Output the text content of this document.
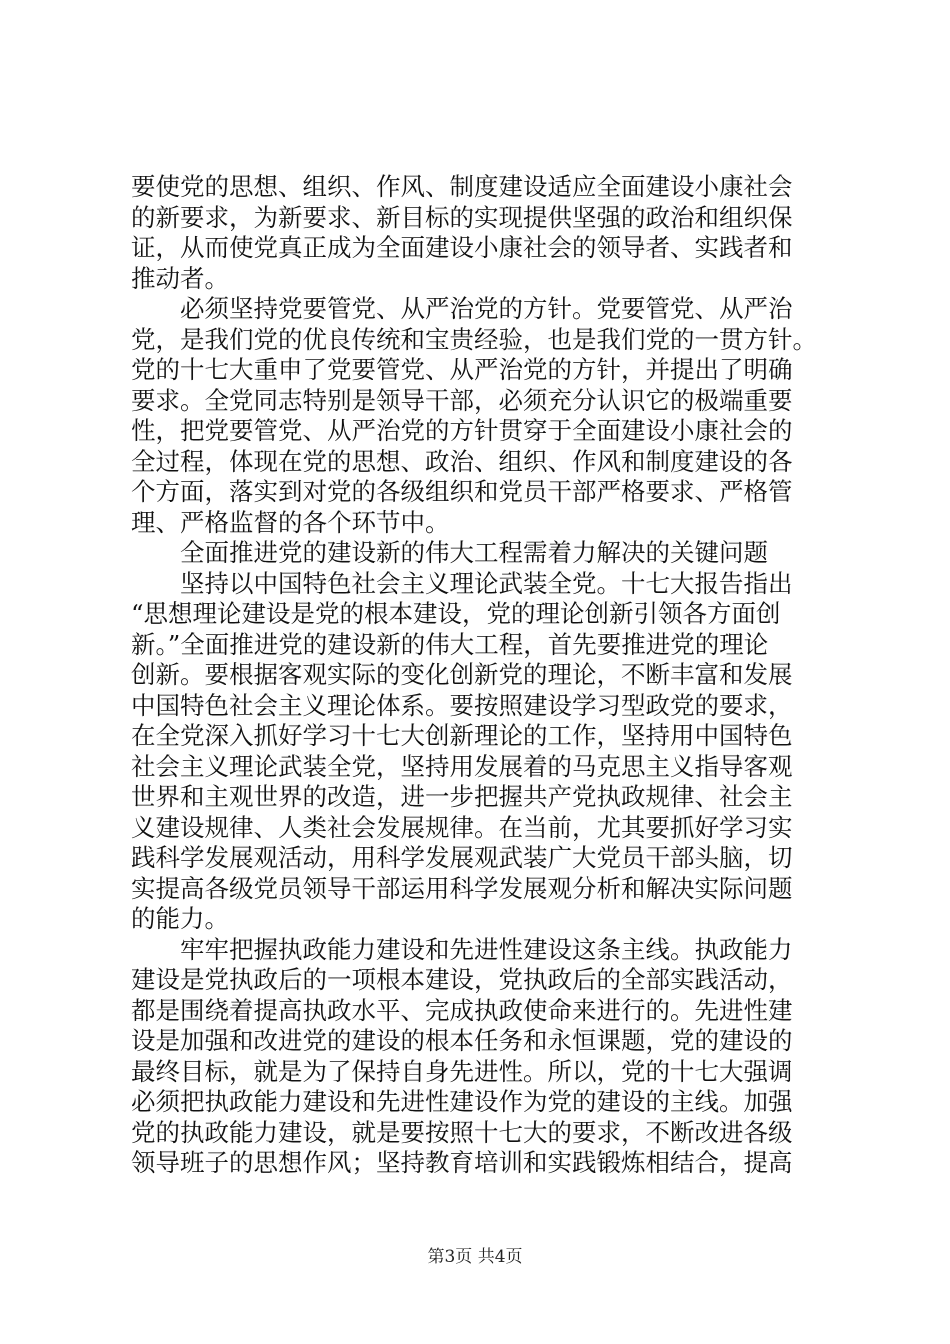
要使党的思想、组织、作风、制度建设适应全面建设小康社会
的新要求，为新要求、新目标的实现提供坚强的政治和组织保
证，从而使党真正成为全面建设小康社会的领导者、实践者和
推动者。
　　必须坚持党要管党、从严治党的方针。党要管党、从严治
党，是我们党的优良传统和宝贵经验，也是我们党的一贯方针。
党的十七大重申了党要管党、从严治党的方针，并提出了明确
要求。全党同志特别是领导干部，必须充分认识它的极端重要
性，把党要管党、从严治党的方针贯穿于全面建设小康社会的
全过程，体现在党的思想、政治、组织、作风和制度建设的各
个方面，落实到对党的各级组织和党员干部严格要求、严格管
理、严格监督的各个环节中。
　　全面推进党的建设新的伟大工程需着力解决的关键问题
　　坚持以中国特色社会主义理论武装全党。十七大报告指出
“思想理论建设是党的根本建设，党的理论创新引领各方面创
新。”全面推进党的建设新的伟大工程，首先要推进党的理论
创新。要根据客观实际的变化创新党的理论，不断丰富和发展
中国特色社会主义理论体系。要按照建设学习型政党的要求，
在全党深入抓好学习十七大创新理论的工作，坚持用中国特色
社会主义理论武装全党，坚持用发展着的马克思主义指导客观
世界和主观世界的改造，进一步把握共产党执政规律、社会主
义建设规律、人类社会发展规律。在当前，尤其要抓好学习实
践科学发展观活动，用科学发展观武装广大党员干部头脑，切
实提高各级党员领导干部运用科学发展观分析和解决实际问题
的能力。
　　牢牢把握执政能力建设和先进性建设这条主线。执政能力
建设是党执政后的一项根本建设，党执政后的全部实践活动，
都是围绕着提高执政水平、完成执政使命来进行的。先进性建
设是加强和改进党的建设的根本任务和永恒课题，党的建设的
最终目标，就是为了保持自身先进性。所以，党的十七大强调
必须把执政能力建设和先进性建设作为党的建设的主线。加强
党的执政能力建设，就是要按照十七大的要求，不断改进各级
领导班子的思想作风；坚持教育培训和实践锻炼相结合，提高
第3页 共4页
